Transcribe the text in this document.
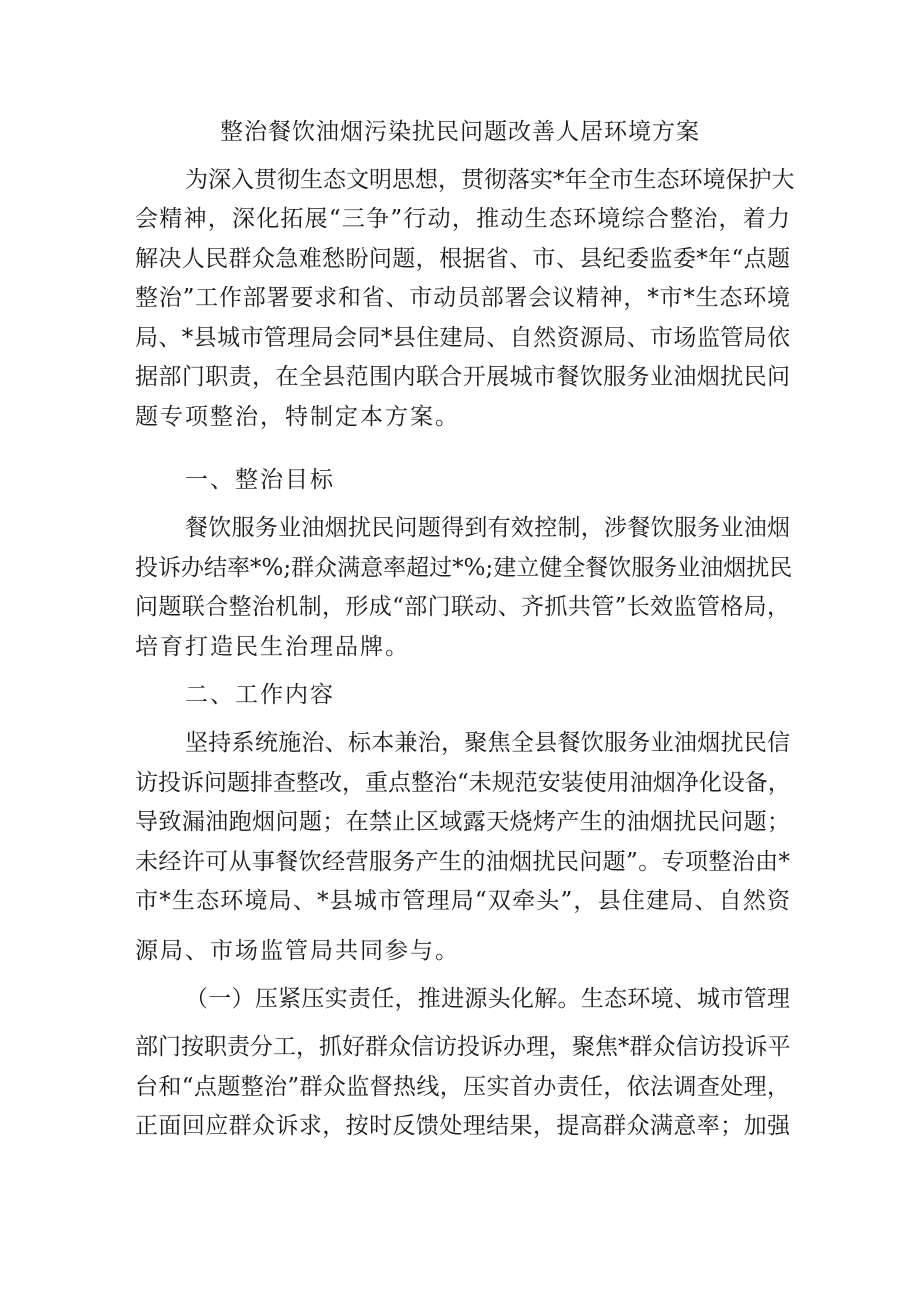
整治餐饮油烟污染扰民问题改善人居环境方案
为深入贯彻生态文明思想，贯彻落实*年全市生态环境保护大
会精神，深化拓展“三争”行动，推动生态环境综合整治，着力
解决人民群众急难愁盼问题，根据省、市、县纪委监委*年“点题
整治”工作部署要求和省、市动员部署会议精神，*市*生态环境
局、*县城市管理局会同*县住建局、自然资源局、市场监管局依
据部门职责，在全县范围内联合开展城市餐饮服务业油烟扰民问
题专项整治，特制定本方案。
一、整治目标
餐饮服务业油烟扰民问题得到有效控制，涉餐饮服务业油烟
投诉办结率*%;群众满意率超过*%;建立健全餐饮服务业油烟扰民
问题联合整治机制，形成“部门联动、齐抓共管”长效监管格局，
培育打造民生治理品牌。
二、工作内容
坚持系统施治、标本兼治，聚焦全县餐饮服务业油烟扰民信
访投诉问题排查整改，重点整治“未规范安装使用油烟净化设备，
导致漏油跑烟问题；在禁止区域露天烧烤产生的油烟扰民问题；
未经许可从事餐饮经营服务产生的油烟扰民问题”。专项整治由*
市*生态环境局、*县城市管理局“双牵头”，县住建局、自然资
源局、市场监管局共同参与。
（一）压紧压实责任，推进源头化解。生态环境、城市管理
部门按职责分工，抓好群众信访投诉办理，聚焦*群众信访投诉平
台和“点题整治”群众监督热线，压实首办责任，依法调查处理，
正面回应群众诉求，按时反馈处理结果，提高群众满意率；加强
